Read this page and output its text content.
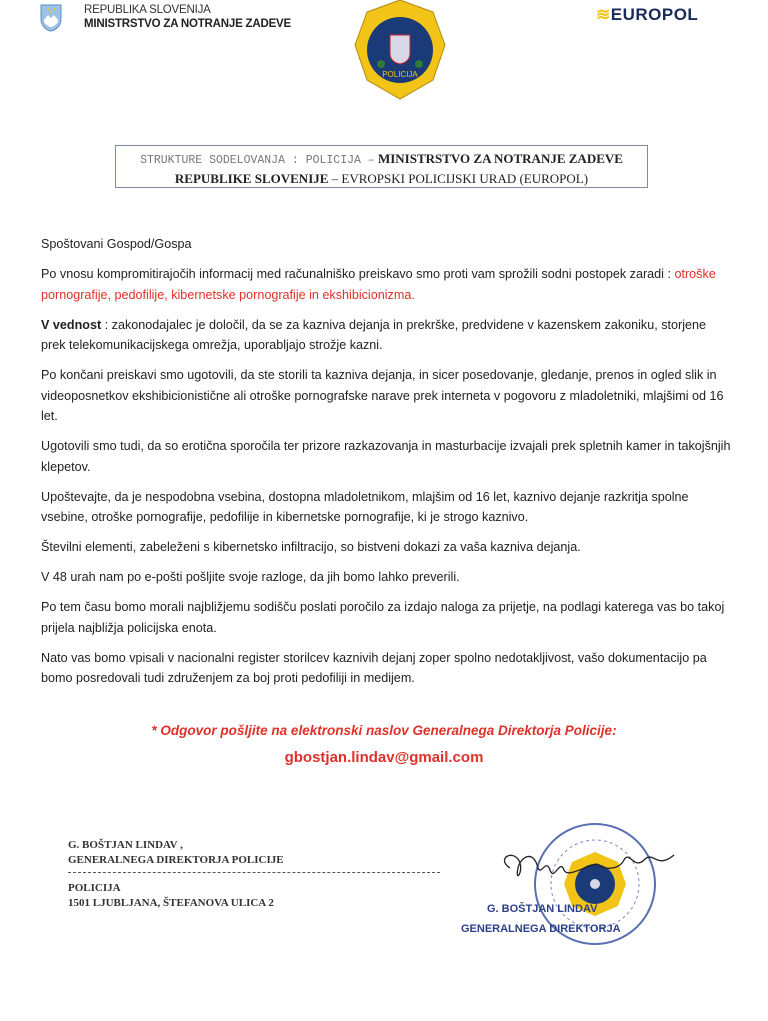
REPUBLIKA SLOVENIJA
MINISTRSTVO ZA NOTRANJE ZADEVE
POLICIJA
≋EUROPOL
STRUKTURE SODELOVANJA : POLICIJA – MINISTRSTVO ZA NOTRANJE ZADEVE
REPUBLIKE SLOVENIJE – EVROPSKI POLICIJSKI URAD (EUROPOL)

Spoštovani Gospod/Gospa

Po vnosu kompromitirajočih informacij med računalniško preiskavo smo proti vam sprožili sodni postopek zaradi : otroške pornografije, pedofilije, kibernetske pornografije in ekshibicionizma.

V vednost : zakonodajalec je določil, da se za kazniva dejanja in prekrške, predvidene v kazenskem zakoniku, storjene prek telekomunikacijskega omrežja, uporabljajo strožje kazni.

Po končani preiskavi smo ugotovili, da ste storili ta kazniva dejanja, in sicer posedovanje, gledanje, prenos in ogled slik in videoposnetkov ekshibicionistične ali otroške pornografske narave prek interneta v pogovoru z mladoletniki, mlajšimi od 16 let.

Ugotovili smo tudi, da so erotična sporočila ter prizore razkazovanja in masturbacije izvajali prek spletnih kamer in takojšnjih klepetov.

Upoštevajte, da je nespodobna vsebina, dostopna mladoletnikom, mlajšim od 16 let, kaznivo dejanje razkritja spolne vsebine, otroške pornografije, pedofilije in kibernetske pornografije, ki je strogo kaznivo.

Številni elementi, zabeleženi s kibernetsko infiltracijo, so bistveni dokazi za vaša kazniva dejanja.

V 48 urah nam po e-pošti pošljite svoje razloge, da jih bomo lahko preverili.

Po tem času bomo morali najbližjemu sodišču poslati poročilo za izdajo naloga za prijetje, na podlagi katerega vas bo takoj prijela najbližja policijska enota.

Nato vas bomo vpisali v nacionalni register storilcev kaznivih dejanj zoper spolno nedotakljivost, vašo dokumentacijo pa bomo posredovali tudi združenjem za boj proti pedofiliji in medijem.

* Odgovor pošljite na elektronski naslov Generalnega Direktorja Policije:
gbostjan.lindav@gmail.com
G. BOŠTJAN LINDAV ,
GENERALNEGA DIREKTORJA POLICIJE
POLICIJA
1501 LJUBLJANA, ŠTEFANOVA ULICA 2	G. BOŠTJAN LINDAV
GENERALNEGA DIREKTORJA
